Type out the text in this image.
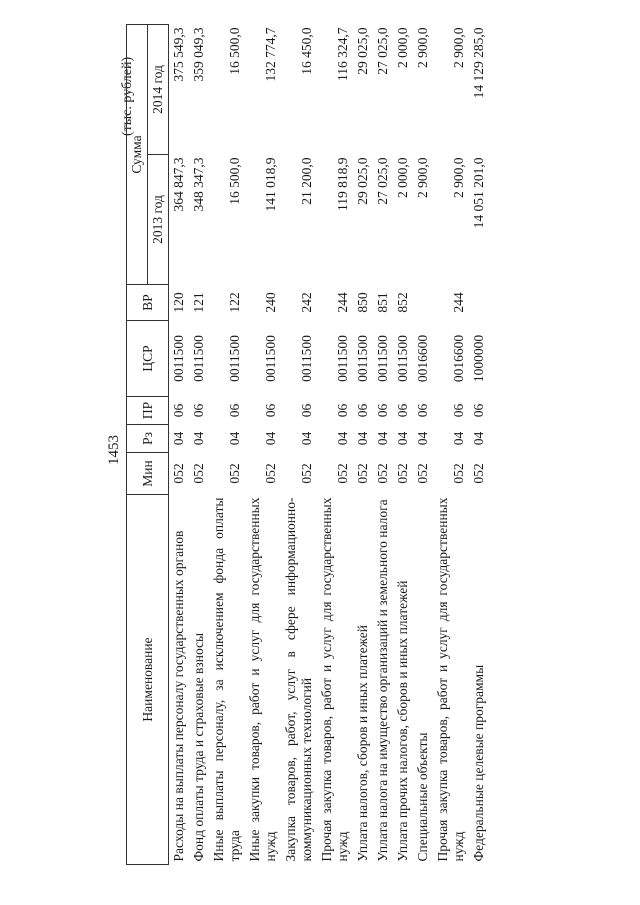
1453
(тыс. рублей)
Наименование	Мин	Рз	ПР	ЦСР	ВР	Сумма	
						2013 год	2014 год
Расходы на выплаты персоналу государственных органов	052	04	06	0011500	120	364 847,3	375 549,3
Фонд оплаты труда и страховые взносы	052	04	06	0011500	121	348 347,3	359 049,3
Иные выплаты персоналу, за исключением фонда оплаты труда	052	04	06	0011500	122	16 500,0	16 500,0
Иные закупки товаров, работ и услуг для государственных нужд	052	04	06	0011500	240	141 018,9	132 774,7
Закупка товаров, работ, услуг в сфере информационно-коммуникационных технологий	052	04	06	0011500	242	21 200,0	16 450,0
Прочая закупка товаров, работ и услуг для государственных нужд	052	04	06	0011500	244	119 818,9	116 324,7
Уплата налогов, сборов и иных платежей	052	04	06	0011500	850	29 025,0	29 025,0
Уплата налога на имущество организаций и земельного налога	052	04	06	0011500	851	27 025,0	27 025,0
Уплата прочих налогов, сборов и иных платежей	052	04	06	0011500	852	2 000,0	2 000,0
Специальные объекты	052	04	06	0016600		2 900,0	2 900,0
Прочая закупка товаров, работ и услуг для государственных нужд	052	04	06	0016600	244	2 900,0	2 900,0
Федеральные целевые программы	052	04	06	1000000		14 051 201,0	14 129 285,0
